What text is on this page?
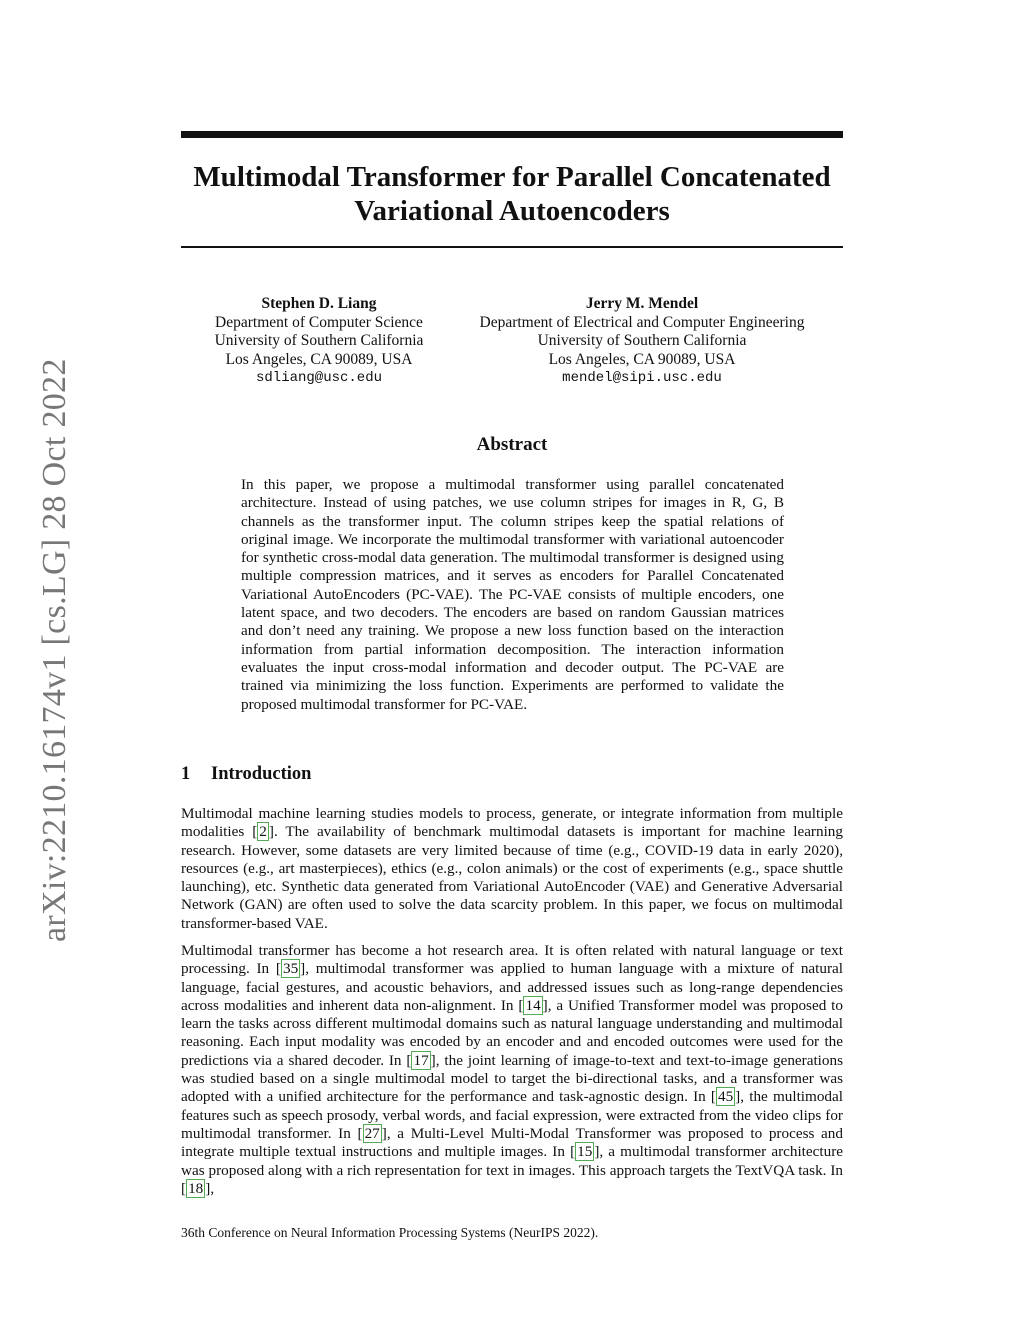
arXiv:2210.16174v1 [cs.LG] 28 Oct 2022
Multimodal Transformer for Parallel Concatenated Variational Autoencoders
Stephen D. Liang
Department of Computer Science
University of Southern California
Los Angeles, CA 90089, USA
sdliang@usc.edu
Jerry M. Mendel
Department of Electrical and Computer Engineering
University of Southern California
Los Angeles, CA 90089, USA
mendel@sipi.usc.edu
Abstract

In this paper, we propose a multimodal transformer using parallel concatenated architecture. Instead of using patches, we use column stripes for images in R, G, B channels as the transformer input. The column stripes keep the spatial relations of original image. We incorporate the multimodal transformer with variational autoencoder for synthetic cross-modal data generation. The multimodal transformer is designed using multiple compression matrices, and it serves as encoders for Parallel Concatenated Variational AutoEncoders (PC-VAE). The PC-VAE consists of multiple encoders, one latent space, and two decoders. The encoders are based on random Gaussian matrices and don’t need any training. We propose a new loss function based on the interaction information from partial information decomposition. The interaction information evaluates the input cross-modal information and decoder output. The PC-VAE are trained via minimizing the loss function. Experiments are performed to validate the proposed multimodal transformer for PC-VAE.

1 Introduction

Multimodal machine learning studies models to process, generate, or integrate information from multiple modalities [ 2 ]. The availability of benchmark multimodal datasets is important for machine learning research. However, some datasets are very limited because of time (e.g., COVID-19 data in early 2020), resources (e.g., art masterpieces), ethics (e.g., colon animals) or the cost of experiments (e.g., space shuttle launching), etc. Synthetic data generated from Variational AutoEncoder (VAE) and Generative Adversarial Network (GAN) are often used to solve the data scarcity problem. In this paper, we focus on multimodal transformer-based VAE.

Multimodal transformer has become a hot research area. It is often related with natural language or text processing. In [ 35 ], multimodal transformer was applied to human language with a mixture of natural language, facial gestures, and acoustic behaviors, and addressed issues such as long-range dependencies across modalities and inherent data non-alignment. In [ 14 ], a Unified Transformer model was proposed to learn the tasks across different multimodal domains such as natural language understanding and multimodal reasoning. Each input modality was encoded by an encoder and and encoded outcomes were used for the predictions via a shared decoder. In [ 17 ], the joint learning of image-to-text and text-to-image generations was studied based on a single multimodal model to target the bi-directional tasks, and a transformer was adopted with a unified architecture for the performance and task-agnostic design. In [ 45 ], the multimodal features such as speech prosody, verbal words, and facial expression, were extracted from the video clips for multimodal transformer. In [ 27 ], a Multi-Level Multi-Modal Transformer was proposed to process and integrate multiple textual instructions and multiple images. In [ 15 ], a multimodal transformer architecture was proposed along with a rich representation for text in images. This approach targets the TextVQA task. In [ 18 ],

36th Conference on Neural Information Processing Systems (NeurIPS 2022).
